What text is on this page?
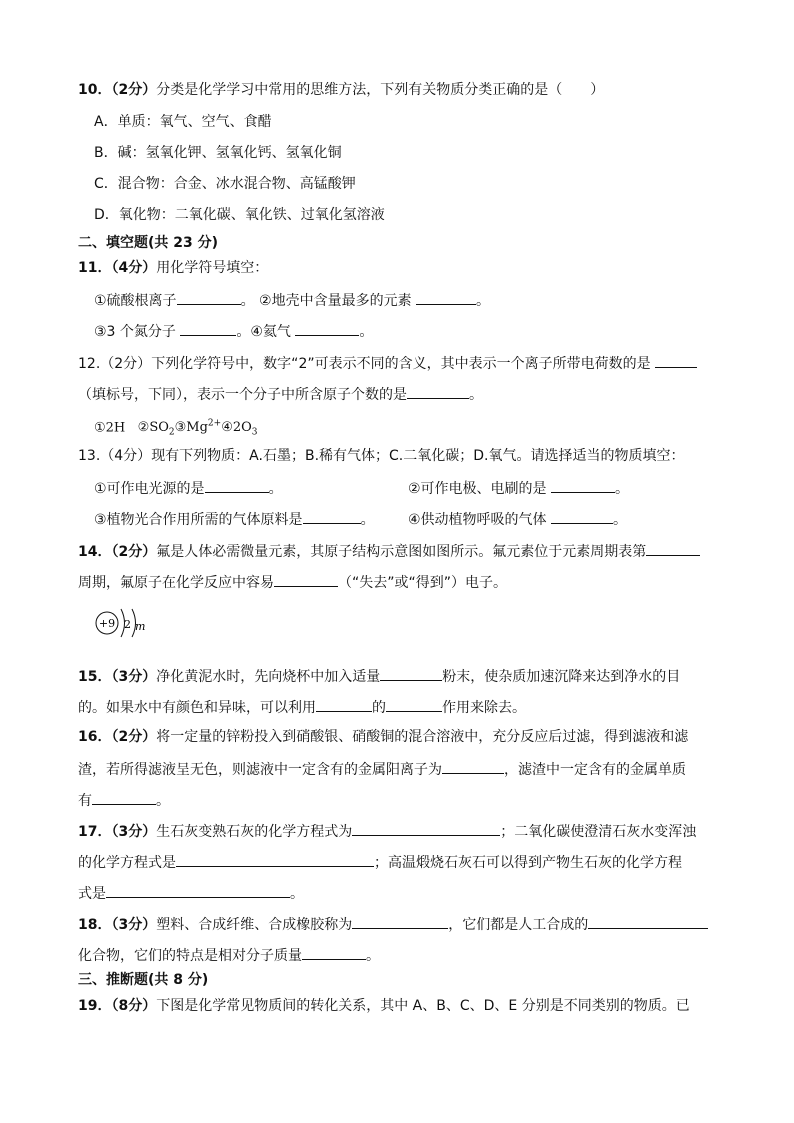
10．（2分）分类是化学学习中常用的思维方法，下列有关物质分类正确的是（　　）
A．单质：氧气、空气、食醋
B．碱：氢氧化钾、氢氧化钙、氢氧化铜
C．混合物：合金、冰水混合物、高锰酸钾
D．氧化物：二氧化碳、氧化铁、过氧化氢溶液
二、填空题(共 23 分)
11．（4分）用化学符号填空：
①硫酸根离子	。 ②地壳中含量最多的元素	。
③3 个氮分子	。④氦气	。
12.（2分）下列化学符号中，数字“2”可表示不同的含义，其中表示一个离子所带电荷数的是
（填标号，下同），表示一个分子中所含原子个数的是	。
①2H $②SO_2③Mg^{2+}④2O_3$
13.（4分）现有下列物质：A.石墨；B.稀有气体；C.二氧化碳；D.氧气。请选择适当的物质填空：
①可作电光源的是	。	②可作电极、电刷的是	。
③植物光合作用所需的气体原料是	。 ④供动植物呼吸的气体	。
14．（2分）氟是人体必需微量元素，其原子结构示意图如图所示。氟元素位于元素周期表第
周期，氟原子在化学反应中容易	（“失去”或“得到”）电子。
+9 2 m
15．（3分）净化黄泥水时，先向烧杯中加入适量	粉末，使杂质加速沉降来达到净水的目
的。如果水中有颜色和异味，可以利用	的	作用来除去。
16．（2分）将一定量的锌粉投入到硝酸银、硝酸铜的混合溶液中，充分反应后过滤，得到滤液和滤
渣，若所得滤液呈无色，则滤液中一定含有的金属阳离子为	，滤渣中一定含有的金属单质
有	。
17．（3分）生石灰变熟石灰的化学方程式为	；二氧化碳使澄清石灰水变浑浊
的化学方程式是	；高温煅烧石灰石可以得到产物生石灰的化学方程
式是	。
18．（3分）塑料、合成纤维、合成橡胶称为	，它们都是人工合成的
化合物，它们的特点是相对分子质量	。
三、推断题(共 8 分)
19．（8分）下图是化学常见物质间的转化关系，其中 A、B、C、D、E 分别是不同类别的物质。已
